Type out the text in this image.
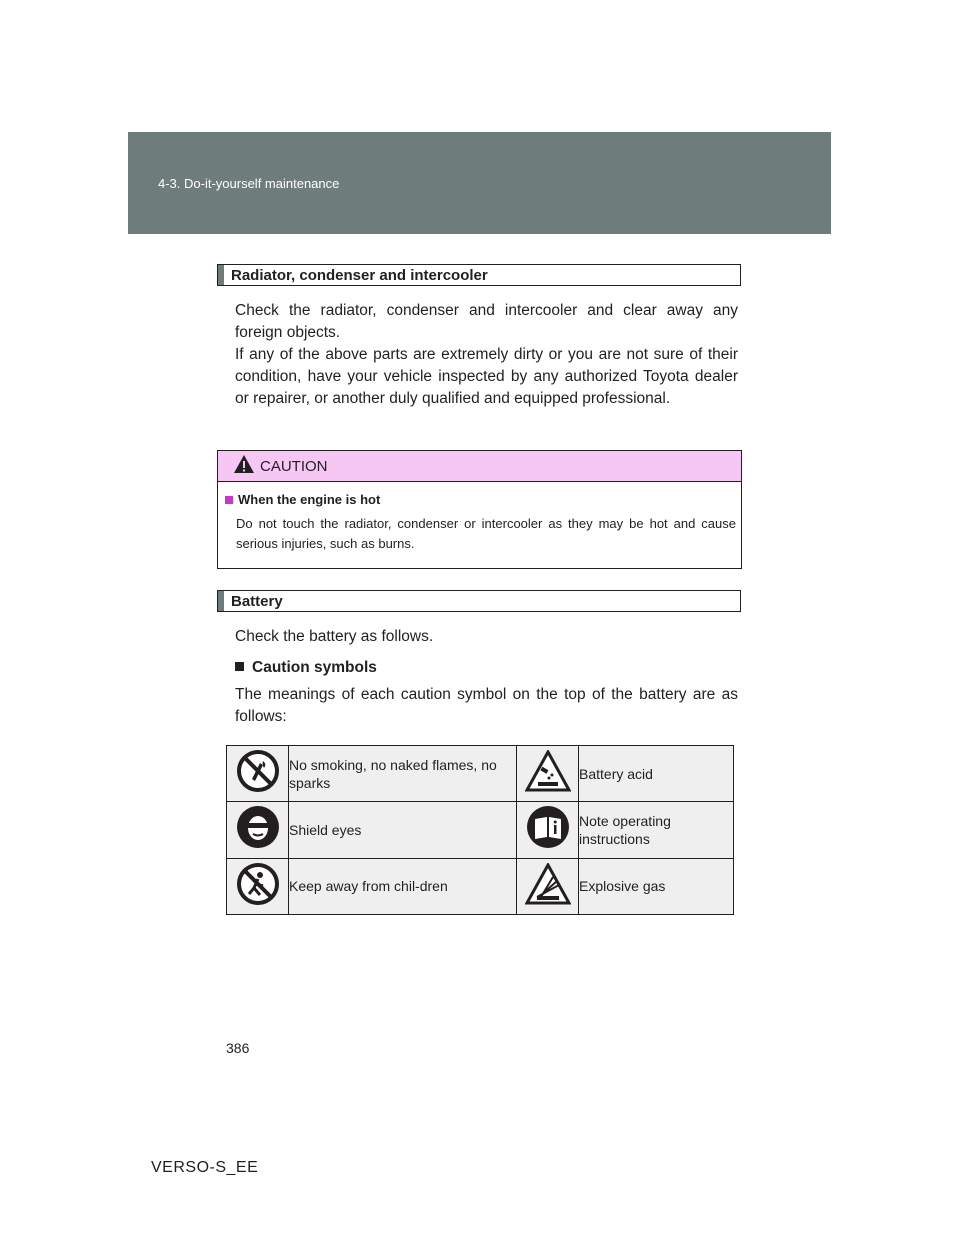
4-3. Do-it-yourself maintenance
Radiator, condenser and intercooler
Check the radiator, condenser and intercooler and clear away any foreign objects.
If any of the above parts are extremely dirty or you are not sure of their condition, have your vehicle inspected by any authorized Toyota dealer or repairer, or another duly qualified and equipped professional.
CAUTION
When the engine is hot
Do not touch the radiator, condenser or intercooler as they may be hot and cause serious injuries, such as burns.
Battery
Check the battery as follows.
Caution symbols
The meanings of each caution symbol on the top of the battery are as follows:
	No smoking, no naked flames, no sparks		Battery acid
	Shield eyes		Note operating instructions
	Keep away from chil-dren		Explosive gas
386
VERSO-S_EE
